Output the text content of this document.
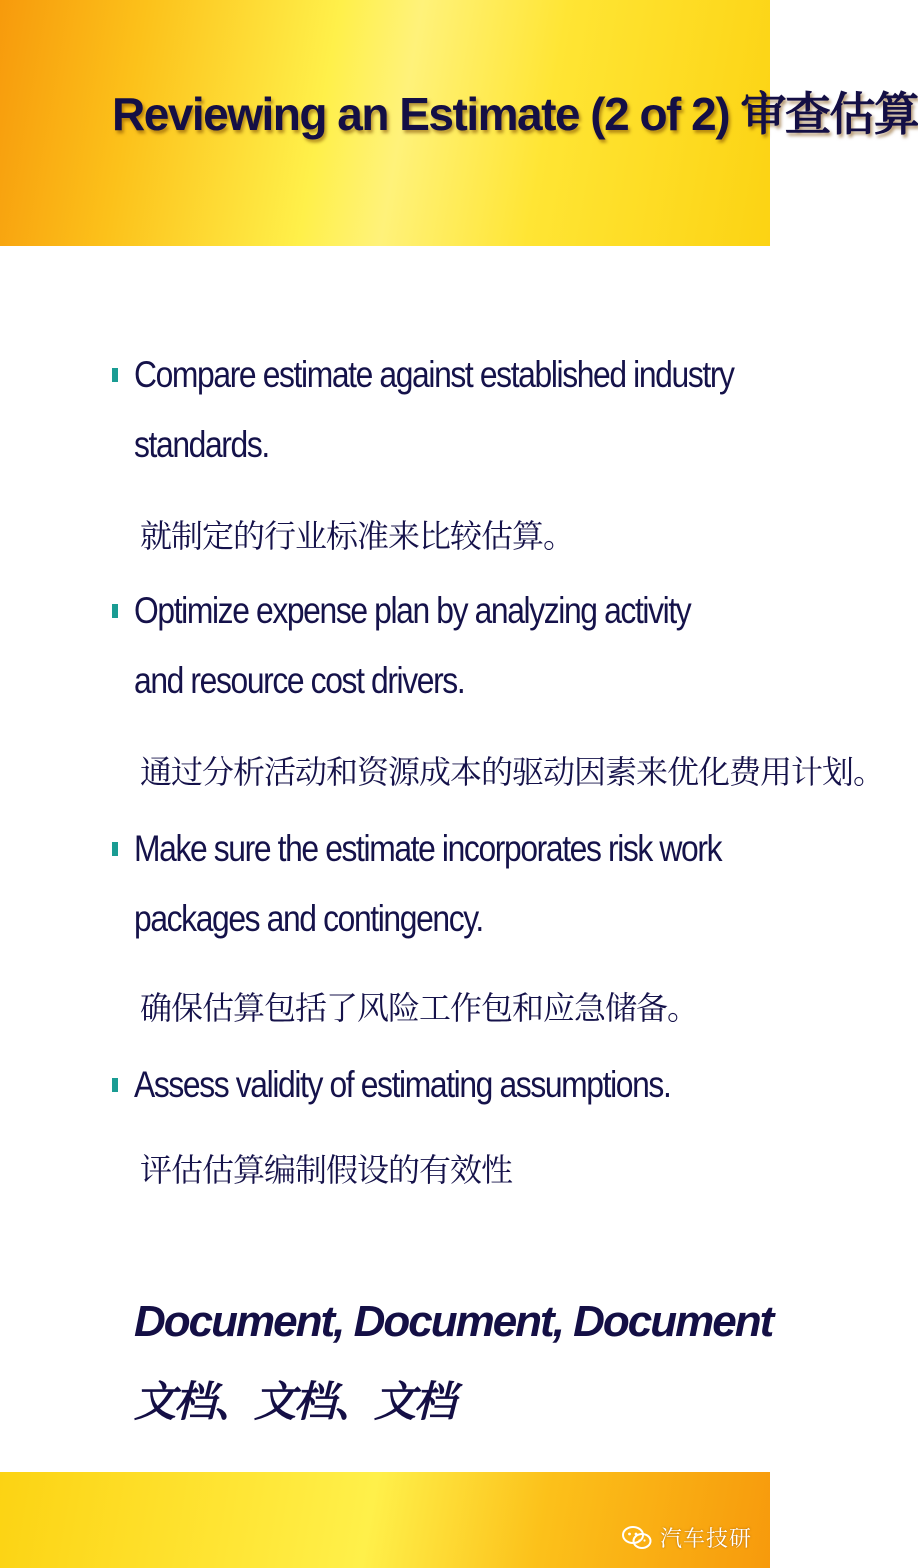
Reviewing an Estimate (2 of 2) 审查估算
Compare estimate against established industry standards.
就制定的行业标准来比较估算。
Optimize expense plan by analyzing activity and resource cost drivers.
通过分析活动和资源成本的驱动因素来优化费用计划。
Make sure the estimate incorporates risk work packages and contingency.
确保估算包括了风险工作包和应急储备。
Assess validity of estimating assumptions.
评估估算编制假设的有效性
Document, Document, Document
文档、文档、文档
汽车技研
